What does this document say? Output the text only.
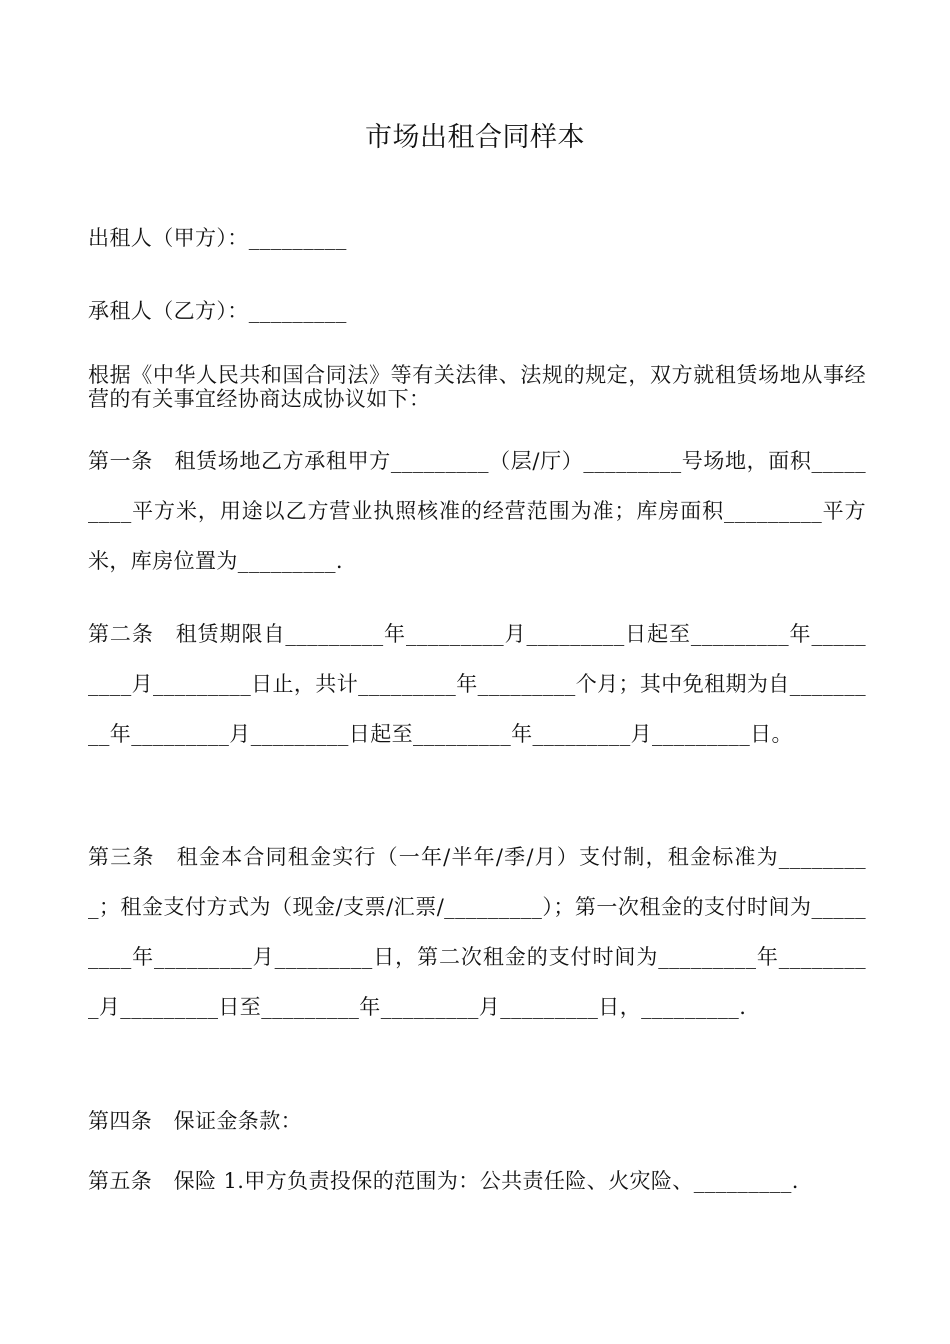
市场出租合同样本

出租人（甲方）：_________

承租人（乙方）：_________

根据《中华人民共和国合同法》等有关法律、法规的规定，双方就租赁场地从事经营的有关事宜经协商达成协议如下：

第一条　租赁场地乙方承租甲方_________（层/厅）_________号场地，面积_________平方米，用途以乙方营业执照核准的经营范围为准；库房面积_________平方米，库房位置为_________.

第二条　租赁期限自_________年_________月_________日起至_________年_________月_________日止，共计_________年_________个月；其中免租期为自_________年_________月_________日起至_________年_________月_________日。

第三条　租金本合同租金实行（一年/半年/季/月）支付制，租金标准为_________；租金支付方式为（现金/支票/汇票/_________）；第一次租金的支付时间为_________年_________月_________日，第二次租金的支付时间为_________年_________月_________日至_________年_________月_________日，_________.

第四条　保证金条款：

第五条　保险 1.甲方负责投保的范围为：公共责任险、火灾险、_________.
